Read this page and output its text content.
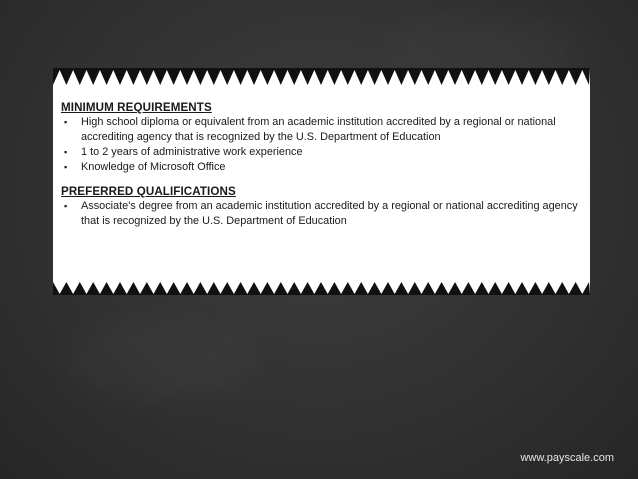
MINIMUM REQUIREMENTS
▪ High school diploma or equivalent from an academic institution accredited by a regional or national accrediting agency that is recognized by the U.S. Department of Education
▪ 1 to 2 years of administrative work experience
▪ Knowledge of Microsoft Office
PREFERRED QUALIFICATIONS
▪ Associate's degree from an academic institution accredited by a regional or national accrediting agency that is recognized by the U.S. Department of Education
www.payscale.com
